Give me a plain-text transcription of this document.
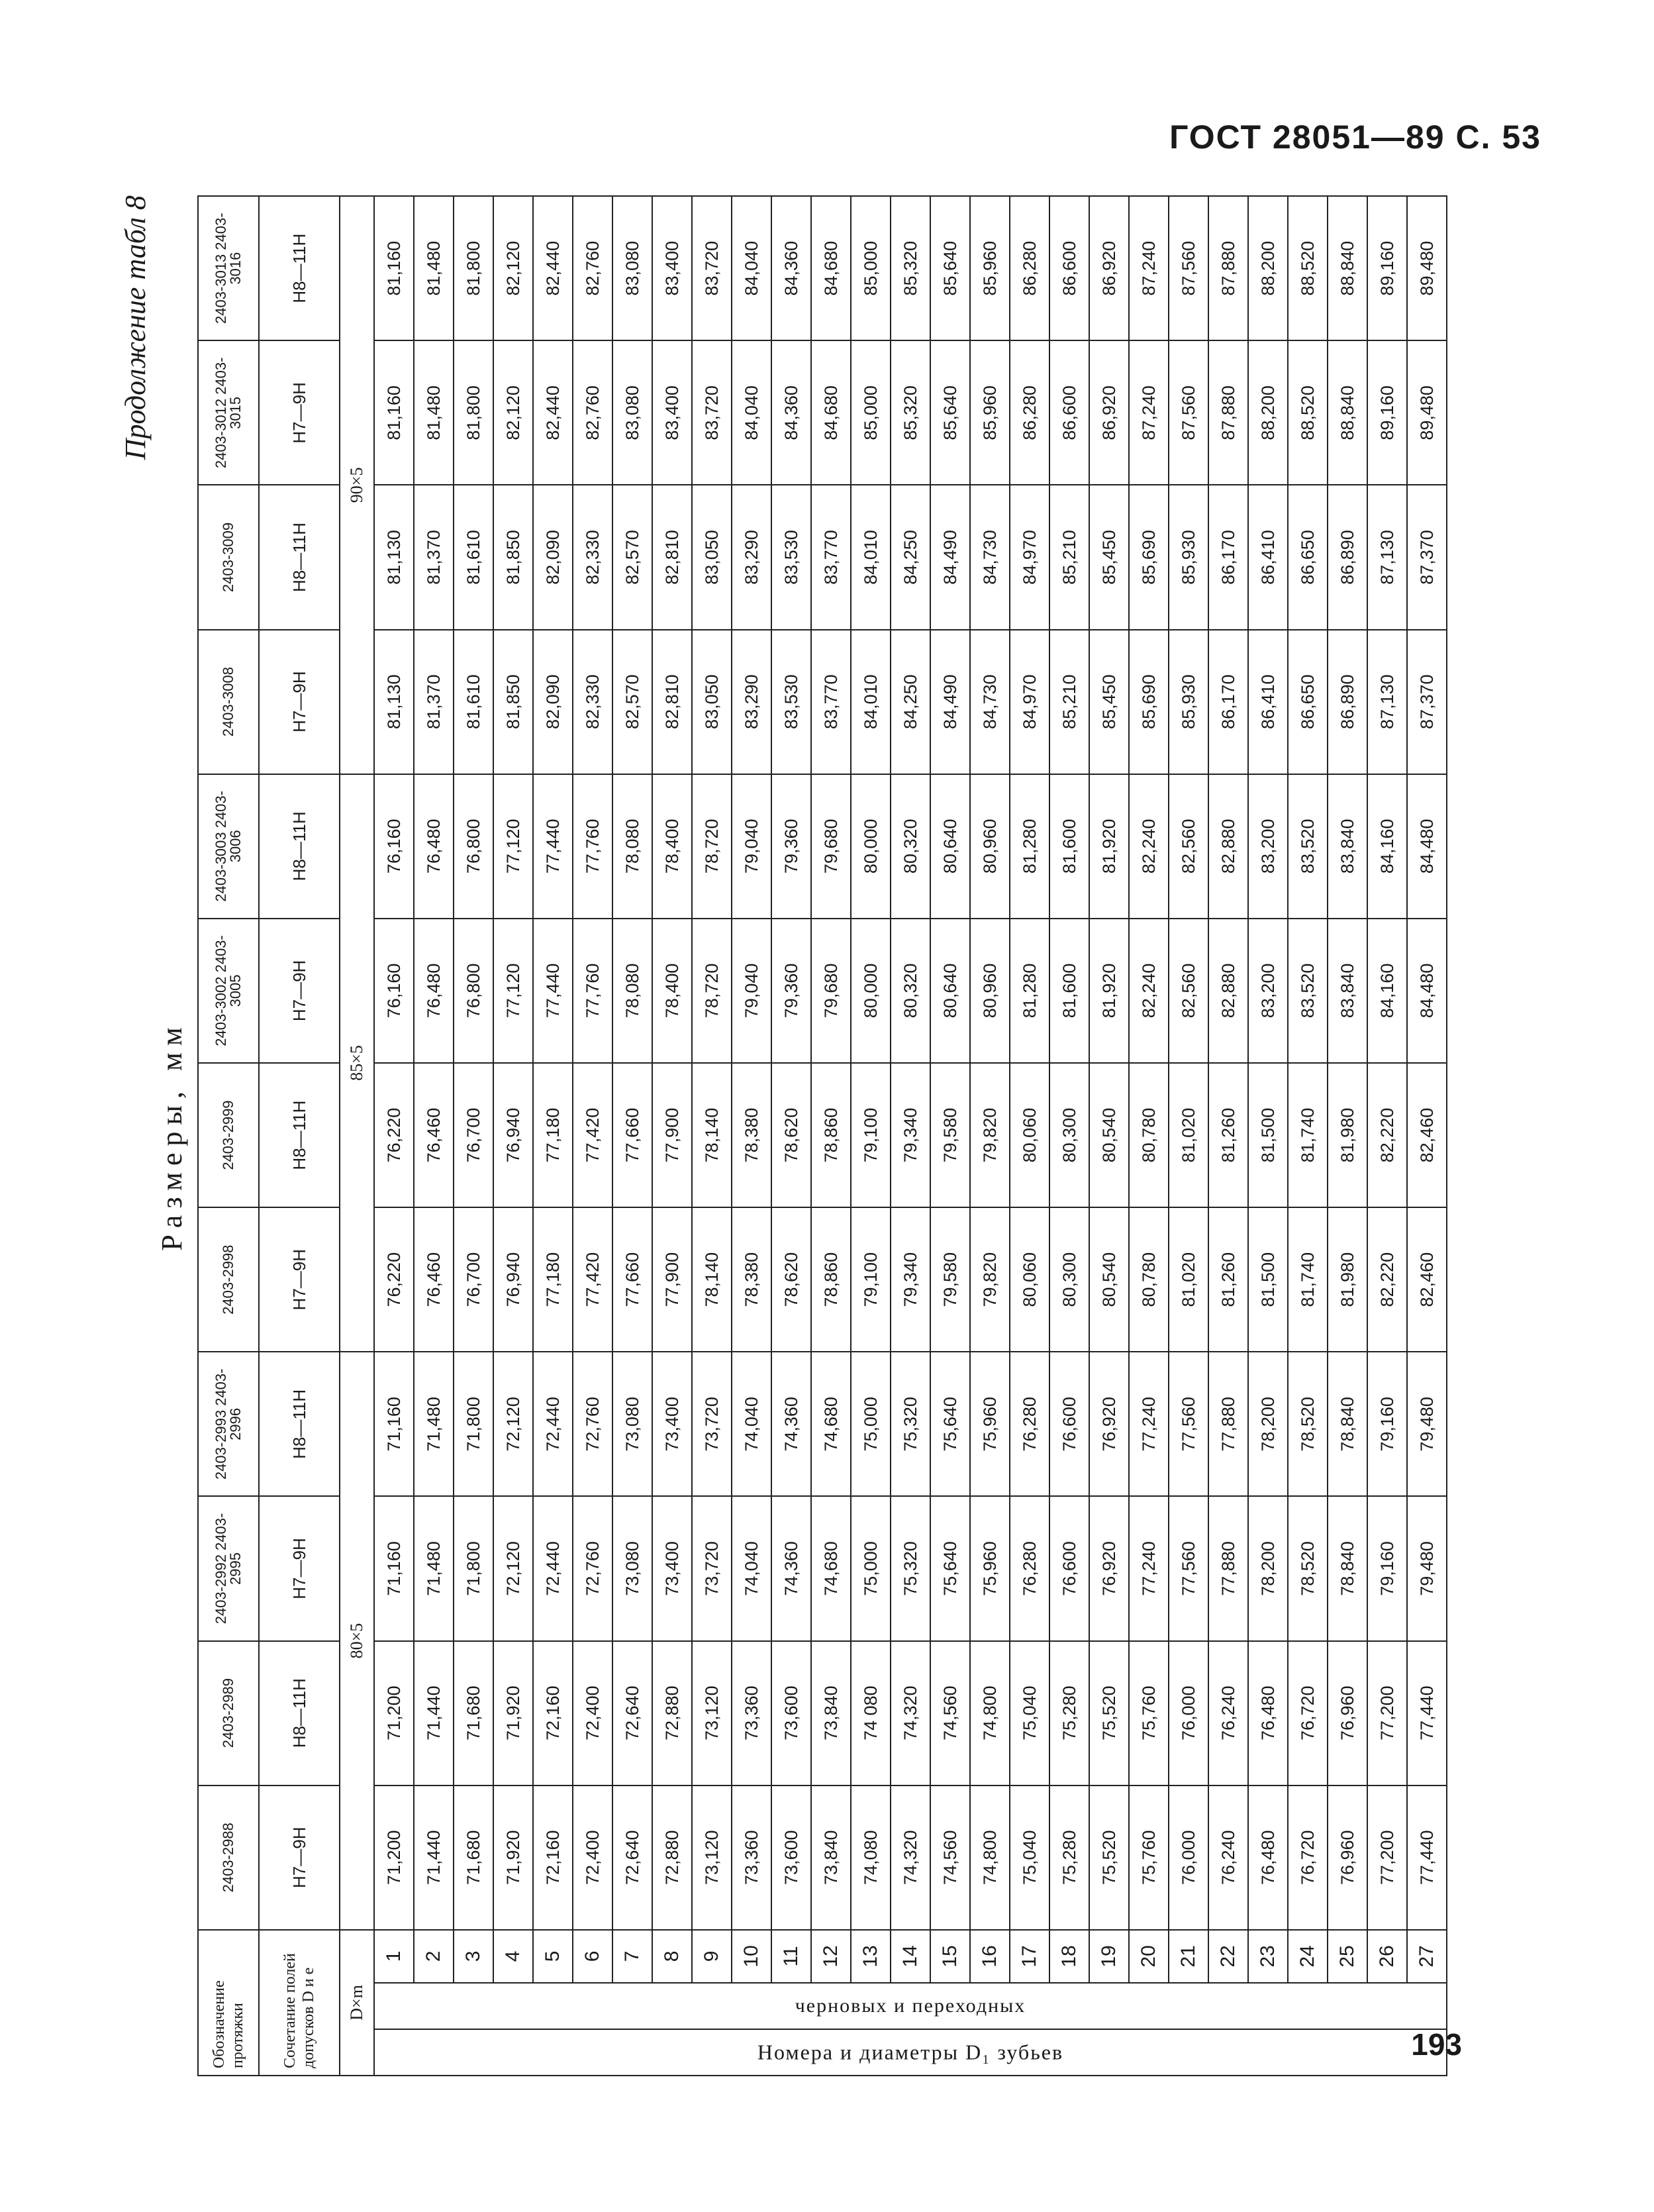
ГОСТ 28051—89 С. 53
193
Продолжение табл 8
Размеры, мм
Обозначение протяжки			2403-2988	2403-2989	2403-2992 2403-2995	2403-2993 2403-2996	2403-2998	2403-2999	2403-3002 2403-3005	2403-3003 2403-3006	2403-3008	2403-3009	2403-3012 2403-3015	2403-3013 2403-3016
Сочетание полей допусков D и e			H7—9H	H8—11H	H7—9H	H8—11H	H7—9H	H8—11H	H7—9H	H8—11H	H7—9H	H8—11H	H7—9H	H8—11H
D×m			80×5				85×5				90×5			

Номера и диаметры D₁ зубьев	черновых и переходных	1	71,200	71,200	71,160	71,160	76,220	76,220	76,160	76,160	81,130	81,130	81,160	81,160
		2	71,440	71,440	71,480	71,480	76,460	76,460	76,480	76,480	81,370	81,370	81,480	81,480
		3	71,680	71,680	71,800	71,800	76,700	76,700	76,800	76,800	81,610	81,610	81,800	81,800
		4	71,920	71,920	72,120	72,120	76,940	76,940	77,120	77,120	81,850	81,850	82,120	82,120
		5	72,160	72,160	72,440	72,440	77,180	77,180	77,440	77,440	82,090	82,090	82,440	82,440
		6	72,400	72,400	72,760	72,760	77,420	77,420	77,760	77,760	82,330	82,330	82,760	82,760
		7	72,640	72,640	73,080	73,080	77,660	77,660	78,080	78,080	82,570	82,570	83,080	83,080
		8	72,880	72,880	73,400	73,400	77,900	77,900	78,400	78,400	82,810	82,810	83,400	83,400
		9	73,120	73,120	73,720	73,720	78,140	78,140	78,720	78,720	83,050	83,050	83,720	83,720
		10	73,360	73,360	74,040	74,040	78,380	78,380	79,040	79,040	83,290	83,290	84,040	84,040
		11	73,600	73,600	74,360	74,360	78,620	78,620	79,360	79,360	83,530	83,530	84,360	84,360
		12	73,840	73,840	74,680	74,680	78,860	78,860	79,680	79,680	83,770	83,770	84,680	84,680
		13	74,080	74 080	75,000	75,000	79,100	79,100	80,000	80,000	84,010	84,010	85,000	85,000
		14	74,320	74,320	75,320	75,320	79,340	79,340	80,320	80,320	84,250	84,250	85,320	85,320
		15	74,560	74,560	75,640	75,640	79,580	79,580	80,640	80,640	84,490	84,490	85,640	85,640
		16	74,800	74,800	75,960	75,960	79,820	79,820	80,960	80,960	84,730	84,730	85,960	85,960
		17	75,040	75,040	76,280	76,280	80,060	80,060	81,280	81,280	84,970	84,970	86,280	86,280
		18	75,280	75,280	76,600	76,600	80,300	80,300	81,600	81,600	85,210	85,210	86,600	86,600
		19	75,520	75,520	76,920	76,920	80,540	80,540	81,920	81,920	85,450	85,450	86,920	86,920
		20	75,760	75,760	77,240	77,240	80,780	80,780	82,240	82,240	85,690	85,690	87,240	87,240
		21	76,000	76,000	77,560	77,560	81,020	81,020	82,560	82,560	85,930	85,930	87,560	87,560
		22	76,240	76,240	77,880	77,880	81,260	81,260	82,880	82,880	86,170	86,170	87,880	87,880
		23	76,480	76,480	78,200	78,200	81,500	81,500	83,200	83,200	86,410	86,410	88,200	88,200
		24	76,720	76,720	78,520	78,520	81,740	81,740	83,520	83,520	86,650	86,650	88,520	88,520
		25	76,960	76,960	78,840	78,840	81,980	81,980	83,840	83,840	86,890	86,890	88,840	88,840
		26	77,200	77,200	79,160	79,160	82,220	82,220	84,160	84,160	87,130	87,130	89,160	89,160
		27	77,440	77,440	79,480	79,480	82,460	82,460	84,480	84,480	87,370	87,370	89,480	89,480
